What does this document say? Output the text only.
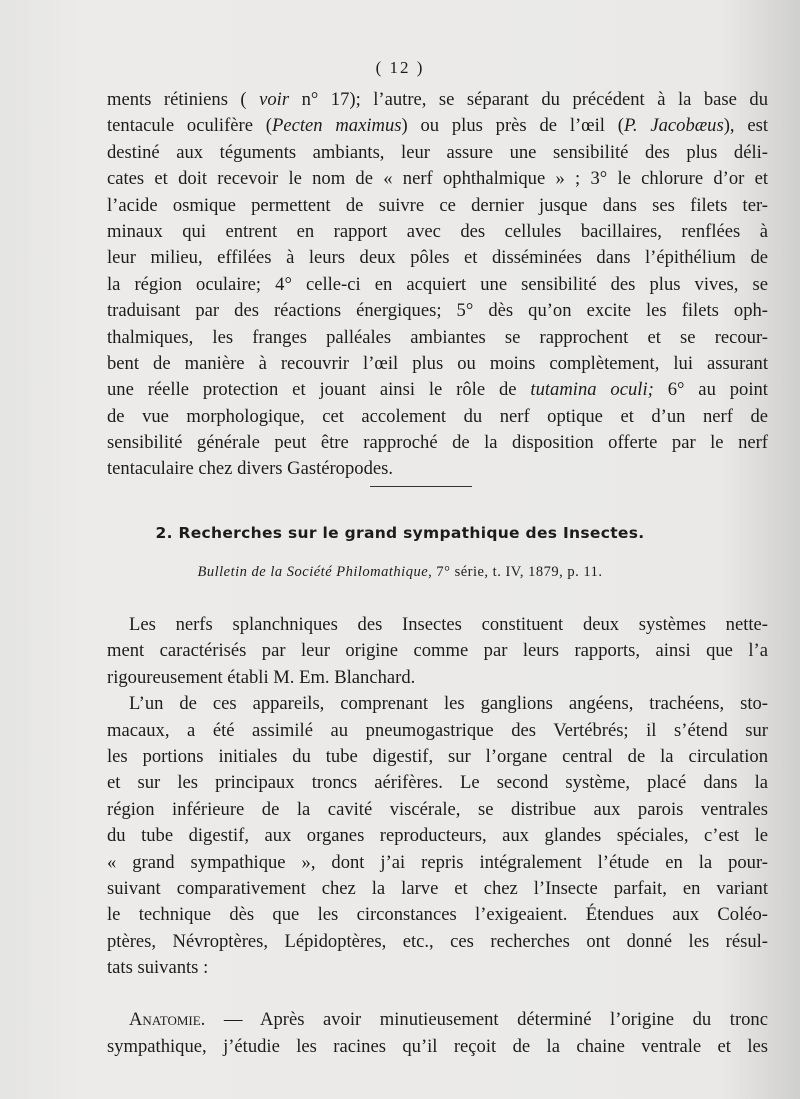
( 12 )
ments rétiniens ( voir n° 17); l’autre, se séparant du précédent à la base du
tentacule oculifère (Pecten maximus) ou plus près de l’œil (P. Jacobæus), est
destiné aux téguments ambiants, leur assure une sensibilité des plus déli-
cates et doit recevoir le nom de « nerf ophthalmique » ; 3° le chlorure d’or et
l’acide osmique permettent de suivre ce dernier jusque dans ses filets ter-
minaux qui entrent en rapport avec des cellules bacillaires, renflées à
leur milieu, effilées à leurs deux pôles et disséminées dans l’épithélium de
la région oculaire; 4° celle-ci en acquiert une sensibilité des plus vives, se
traduisant par des réactions énergiques; 5° dès qu’on excite les filets oph-
thalmiques, les franges palléales ambiantes se rapprochent et se recour-
bent de manière à recouvrir l’œil plus ou moins complètement, lui assurant
une réelle protection et jouant ainsi le rôle de tutamina oculi; 6° au point
de vue morphologique, cet accolement du nerf optique et d’un nerf de
sensibilité générale peut être rapproché de la disposition offerte par le nerf
tentaculaire chez divers Gastéropodes.
2. Recherches sur le grand sympathique des Insectes.
Bulletin de la Société Philomathique, 7° série, t. IV, 1879, p. 11.
Les nerfs splanchniques des Insectes constituent deux systèmes nette-
ment caractérisés par leur origine comme par leurs rapports, ainsi que l’a
rigoureusement établi M. Em. Blanchard.
L’un de ces appareils, comprenant les ganglions angéens, trachéens, sto-
macaux, a été assimilé au pneumogastrique des Vertébrés; il s’étend sur
les portions initiales du tube digestif, sur l’organe central de la circulation
et sur les principaux troncs aérifères. Le second système, placé dans la
région inférieure de la cavité viscérale, se distribue aux parois ventrales
du tube digestif, aux organes reproducteurs, aux glandes spéciales, c’est le
« grand sympathique », dont j’ai repris intégralement l’étude en la pour-
suivant comparativement chez la larve et chez l’Insecte parfait, en variant
le technique dès que les circonstances l’exigeaient. Étendues aux Coléo-
ptères, Névroptères, Lépidoptères, etc., ces recherches ont donné les résul-
tats suivants :
Anatomie. — Après avoir minutieusement déterminé l’origine du tronc
sympathique, j’étudie les racines qu’il reçoit de la chaine ventrale et les
